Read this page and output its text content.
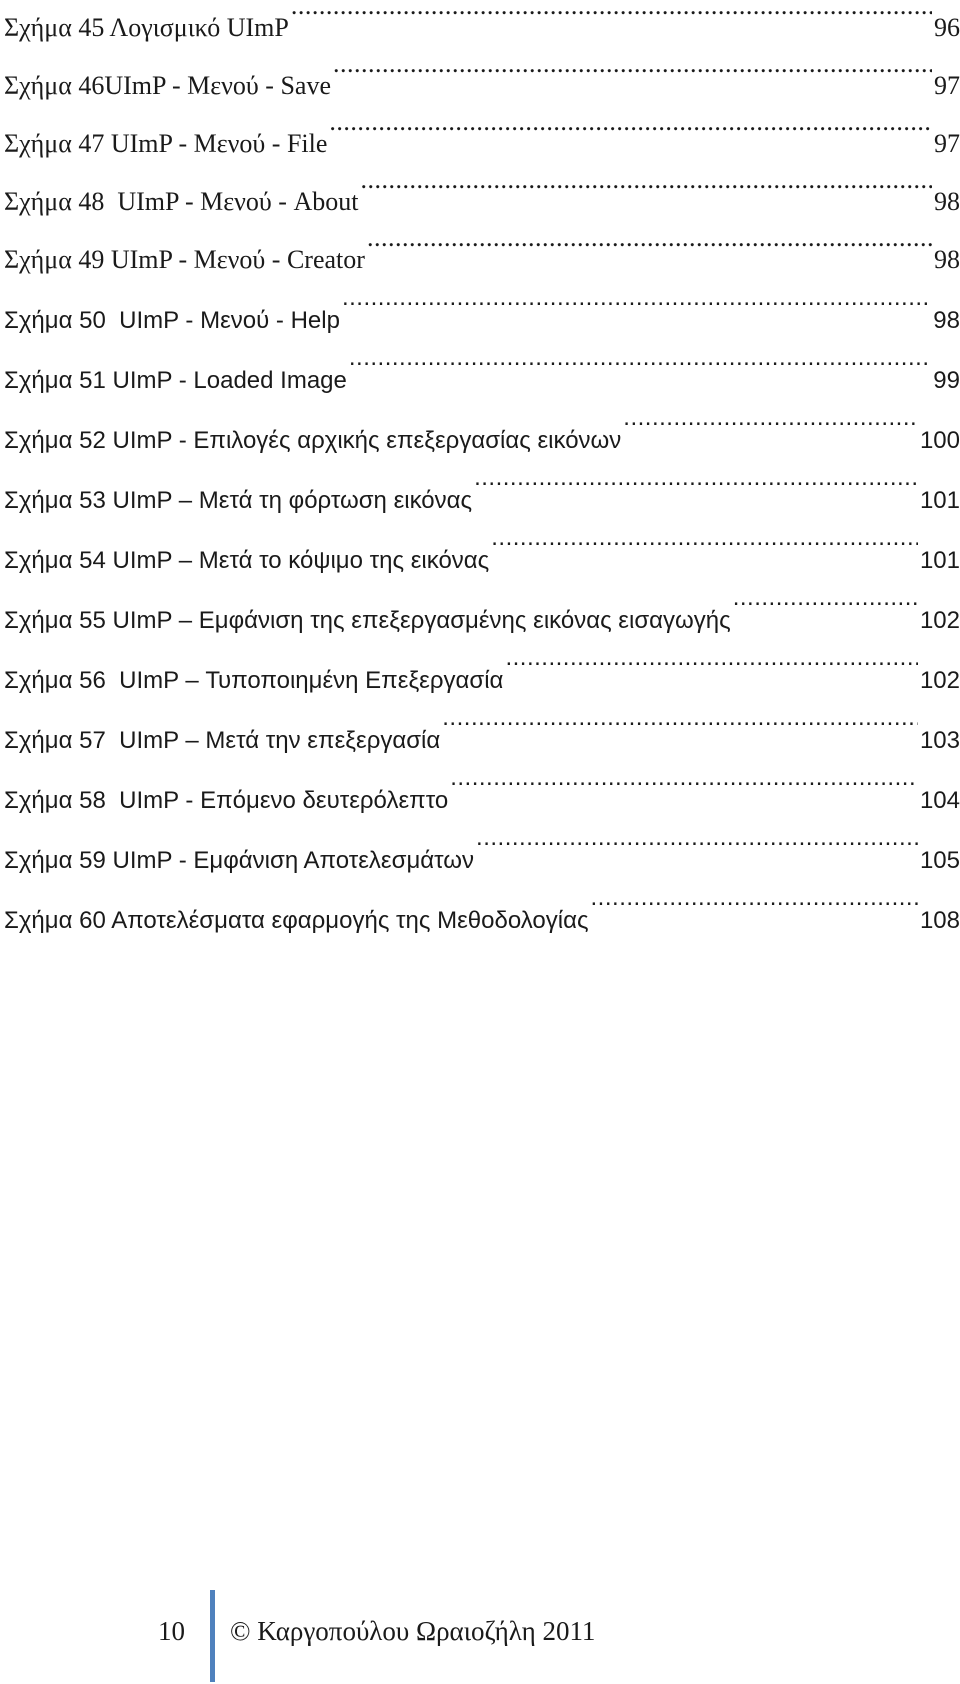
Σχήμα 45 Λογισμικό UImP .....	96
Σχήμα 46UImP - Μενού - Save .....	97
Σχήμα 47 UImP - Μενού - File .....	97
Σχήμα 48  UImP - Μενού - About .....	98
Σχήμα 49 UImP - Μενού - Creator .....	98
Σχήμα 50  UImP - Μενού - Help .....	98
Σχήμα 51 UImP - Loaded Image .....	99
Σχήμα 52 UImP - Επιλογές αρχικής επεξεργασίας εικόνων .....	100
Σχήμα 53 UImP – Μετά τη φόρτωση εικόνας .....	101
Σχήμα 54 UImP – Μετά το κόψιμο της εικόνας .....	101
Σχήμα 55 UImP – Εμφάνιση της επεξεργασμένης εικόνας εισαγωγής .....	102
Σχήμα 56  UImP – Τυποποιημένη Επεξεργασία .....	102
Σχήμα 57  UImP – Μετά την επεξεργασία .....	103
Σχήμα 58  UImP - Επόμενο δευτερόλεπτο .....	104
Σχήμα 59 UImP - Εμφάνιση Αποτελεσμάτων .....	105
Σχήμα 60 Αποτελέσματα εφαρμογής της Μεθοδολογίας .....	108
10 © Καργοπούλου Ωραιοζήλη 2011
